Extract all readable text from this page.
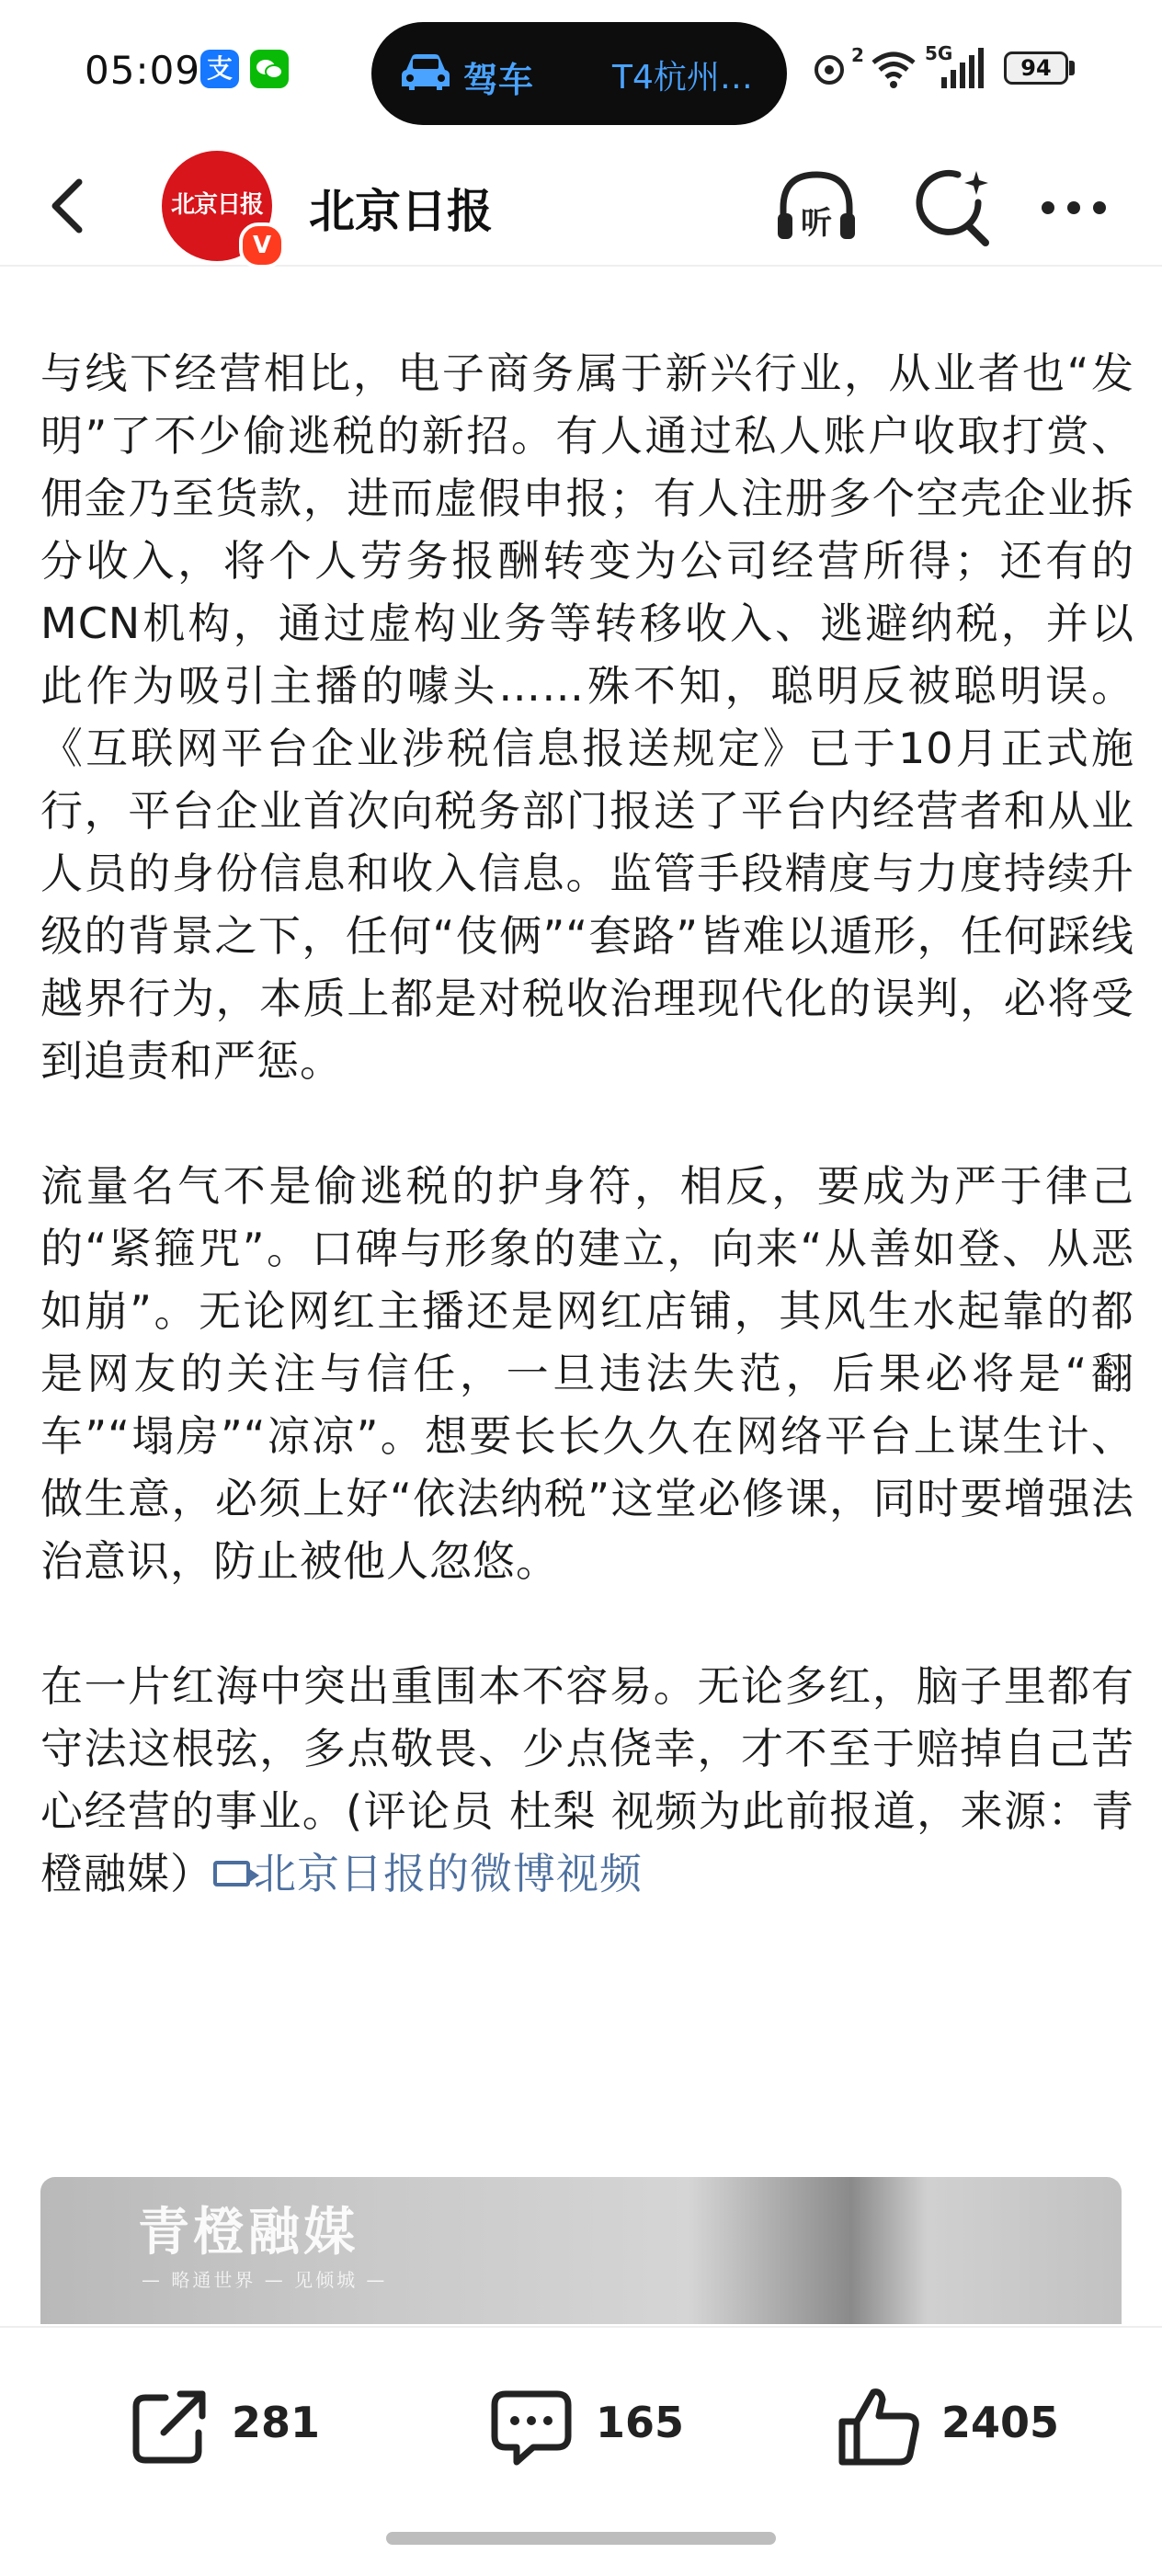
05:09 支	驾车 T4杭州…
2	5G
94
北京日报
V
北京日报	听

与线下经营相比，电子商务属于新兴行业，从业者也“发明”了不少偷逃税的新招。有人通过私人账户收取打赏、佣金乃至货款，进而虚假申报；有人注册多个空壳企业拆分收入，将个人劳务报酬转变为公司经营所得；还有的MCN机构，通过虚构业务等转移收入、逃避纳税，并以此作为吸引主播的噱头……殊不知，聪明反被聪明误。《互联网平台企业涉税信息报送规定》已于10月正式施行，平台企业首次向税务部门报送了平台内经营者和从业人员的身份信息和收入信息。监管手段精度与力度持续升级的背景之下，任何“伎俩”“套路”皆难以遁形，任何踩线越界行为，本质上都是对税收治理现代化的误判，必将受到追责和严惩。

流量名气不是偷逃税的护身符，相反，要成为严于律己的“紧箍咒”。口碑与形象的建立，向来“从善如登、从恶如崩”。无论网红主播还是网红店铺，其风生水起靠的都是网友的关注与信任，一旦违法失范，后果必将是“翻车”“塌房”“凉凉”。想要长长久久在网络平台上谋生计、做生意，必须上好“依法纳税”这堂必修课，同时要增强法治意识，防止被他人忽悠。

在一片红海中突出重围本不容易。无论多红，脑子里都有守法这根弦，多点敬畏、少点侥幸，才不至于赔掉自己苦心经营的事业。(评论员 杜梨 视频为此前报道，来源：青橙融媒） 北京日报的微博视频

青橙融媒
— 略通世界 — 见倾城 —
281	165	2405
